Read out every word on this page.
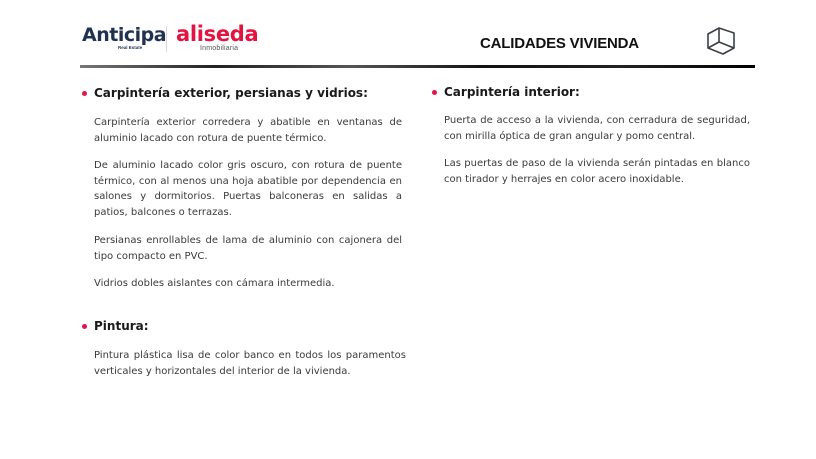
Anticipa
Real Estate
aliseda
Inmobiliaria	CALIDADES VIVIENDA
Carpintería exterior, persianas y vidrios:

Carpintería exterior corredera y abatible en ventanas de aluminio lacado con rotura de puente térmico.

De aluminio lacado color gris oscuro, con rotura de puente térmico, con al menos una hoja abatible por dependencia en salones y dormitorios. Puertas balconeras en salidas a patios, balcones o terrazas.

Persianas enrollables de lama de aluminio con cajonera del tipo compacto en PVC.

Vidrios dobles aislantes con cámara intermedia.

Pintura:

Pintura plástica lisa de color banco en todos los paramentos verticales y horizontales del interior de la vivienda.

Carpintería interior:

Puerta de acceso a la vivienda, con cerradura de seguridad, con mirilla óptica de gran angular y pomo central.

Las puertas de paso de la vivienda serán pintadas en blanco con tirador y herrajes en color acero inoxidable.
